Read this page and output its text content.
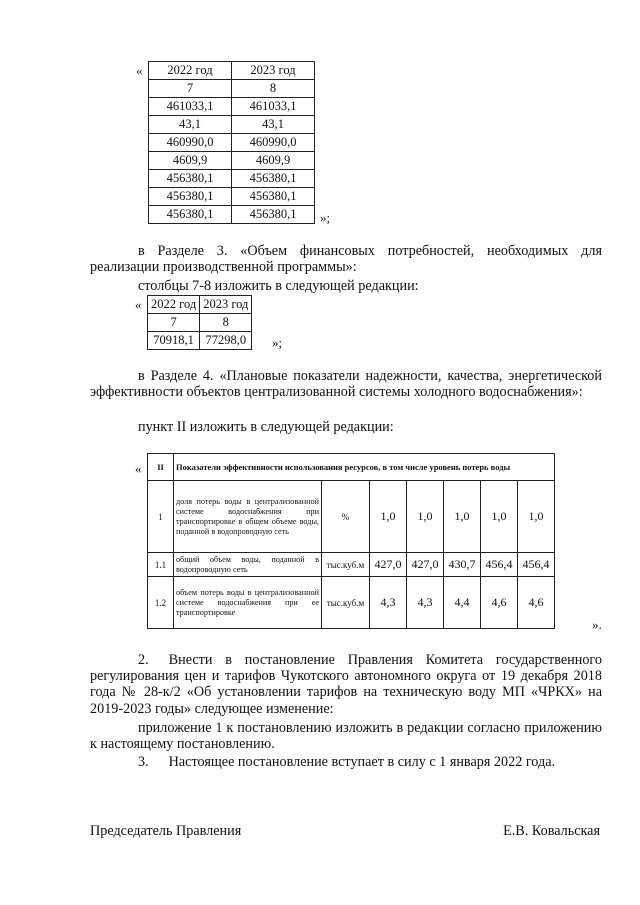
« 2022 год	2023 год
7	8
461033,1	461033,1
43,1	43,1
460990,0	460990,0
4609,9	4609,9
456380,1	456380,1
456380,1	456380,1
456380,1	456380,1 »;
в Разделе 3. «Объем финансовых потребностей, необходимых для реализации производственной программы»:
столбцы 7-8 изложить в следующей редакции:
« 2022 год	2023 год
7	8
70918,1	77298,0 »;
в Разделе 4. «Плановые показатели надежности, качества, энергетической эффективности объектов централизованной системы холодного водоснабжения»:
пункт II изложить в следующей редакции:
« II	Показатели эффективности использования ресурсов, в том числе уровень потерь воды						
1	доля потерь воды в централизованной системе водоснабжения при транспортировке в общем объеме воды, поданной в водопроводную сеть	%	1,0	1,0	1,0	1,0	1,0
1.1	общий объем воды, поданной в водопроводную сеть	тыс.куб.м	427,0	427,0	430,7	456,4	456,4
1.2	объем потерь воды в централизованной системе водоснабжения при ее транспортировке	тыс.куб.м	4,3	4,3	4,4	4,6	4,6
».
2. Внести в постановление Правления Комитета государственного регулирования цен и тарифов Чукотского автономного округа от 19 декабря 2018 года № 28-к/2 «Об установлении тарифов на техническую воду МП «ЧРКХ» на 2019-2023 годы» следующее изменение:
приложение 1 к постановлению изложить в редакции согласно приложению к настоящему постановлению.
3. Настоящее постановление вступает в силу с 1 января 2022 года.
Председатель Правления	Е.В. Ковальская
